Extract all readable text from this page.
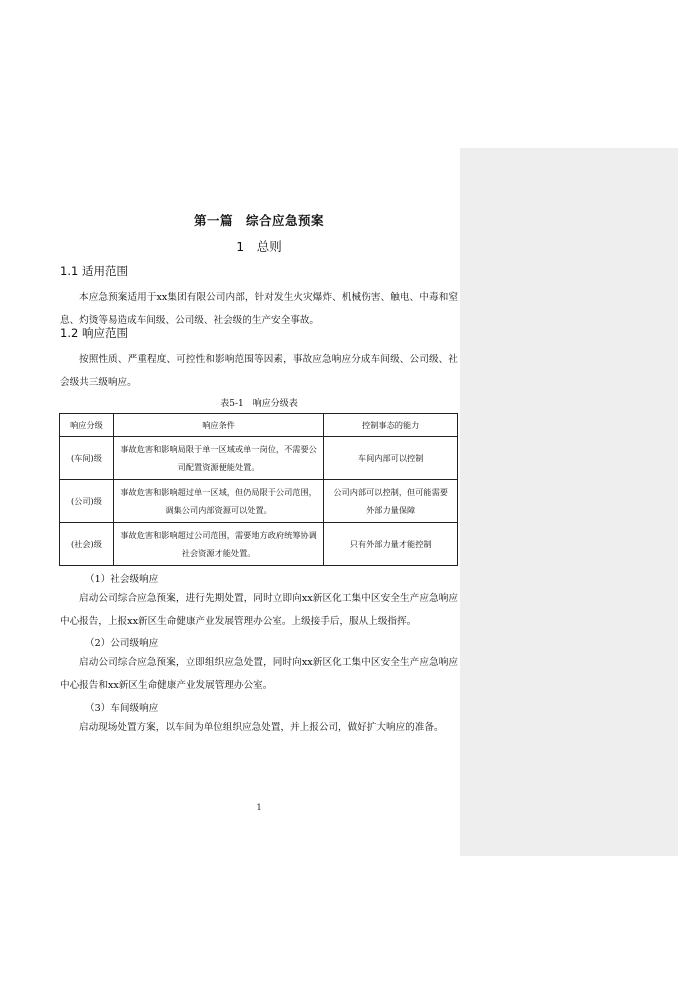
第一篇　综合应急预案
1　总则
1.1 适用范围

本应急预案适用于xx集团有限公司内部，针对发生火灾爆炸、机械伤害、触电、中毒和窒息、灼烫等易造成车间级、公司级、社会级的生产安全事故。

1.2 响应范围

按照性质、严重程度、可控性和影响范围等因素，事故应急响应分成车间级、公司级、社会级共三级响应。

表5-1　响应分级表
响应分级	响应条件	控制事态的能力
(车间)级	事故危害和影响局限于单一区域或单一岗位，不需要公司配置资源便能处置。	车间内部可以控制
(公司)级	事故危害和影响超过单一区域，但仍局限于公司范围，调集公司内部资源可以处置。	公司内部可以控制，但可能需要外部力量保障
(社会)级	事故危害和影响超过公司范围，需要地方政府统筹协调社会资源才能处置。	只有外部力量才能控制
（1）社会级响应

启动公司综合应急预案，进行先期处置，同时立即向xx新区化工集中区安全生产应急响应中心报告，上报xx新区生命健康产业发展管理办公室。上级接手后，服从上级指挥。

（2）公司级响应

启动公司综合应急预案，立即组织应急处置，同时向xx新区化工集中区安全生产应急响应中心报告和xx新区生命健康产业发展管理办公室。

（3）车间级响应

启动现场处置方案，以车间为单位组织应急处置，并上报公司，做好扩大响应的准备。

1
